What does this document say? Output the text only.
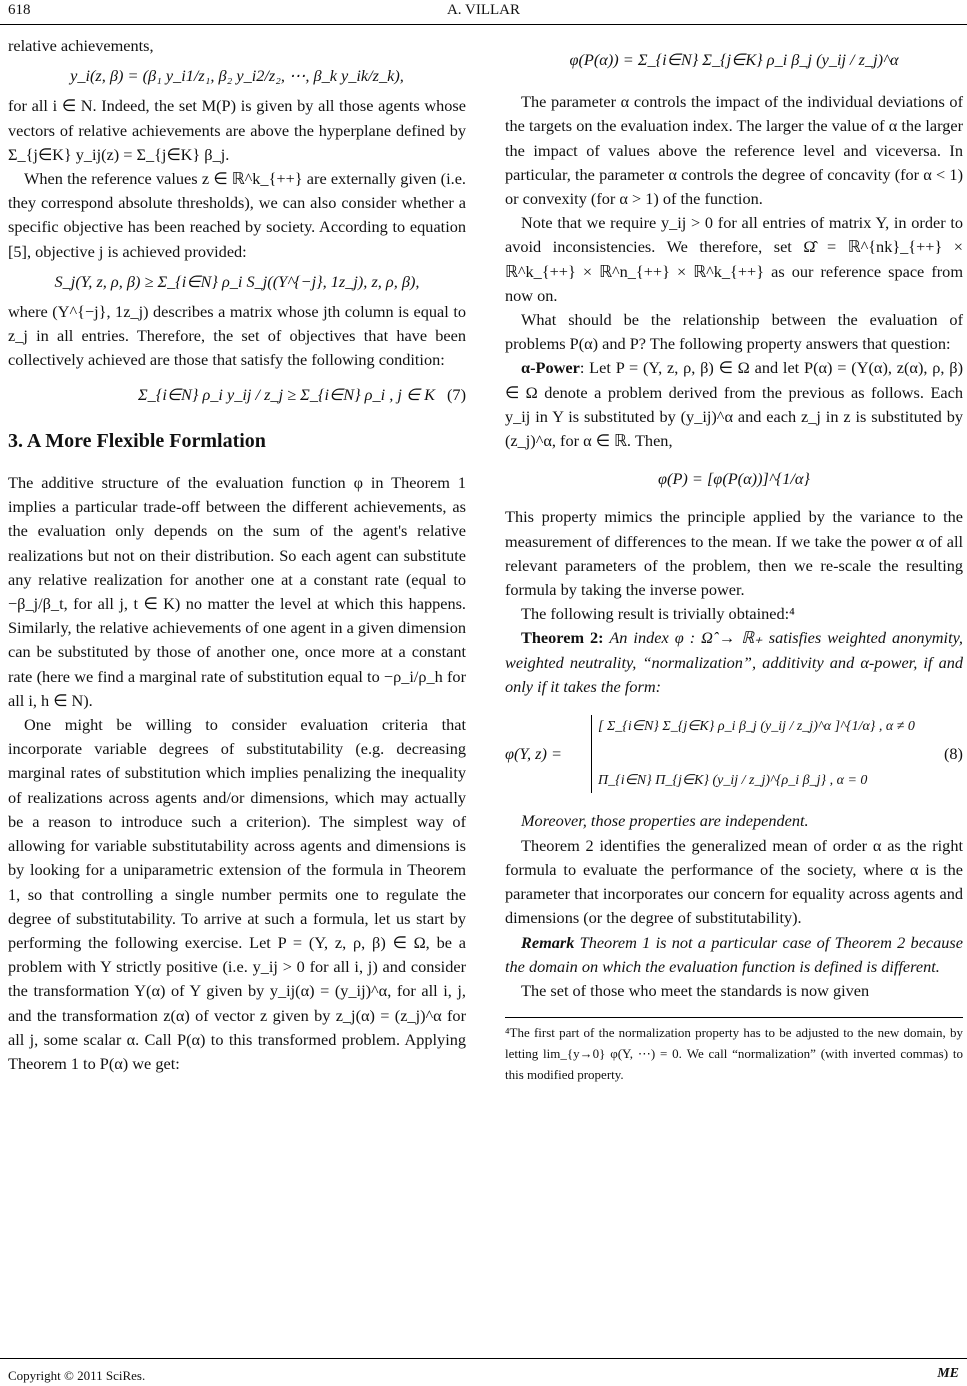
618	A. VILLAR

relative achievements,

y_i(z, β) = (β₁ y_i1/z₁, β₂ y_i2/z₂, ⋯, β_k y_ik/z_k),

for all i ∈ N. Indeed, the set M(P) is given by all those agents whose vectors of relative achievements are above the hyperplane defined by Σ_{j∈K} y_ij(z) = Σ_{j∈K} β_j.

When the reference values z ∈ ℝ^k_{++} are externally given (i.e. they correspond absolute thresholds), we can also consider whether a specific objective has been reached by society. According to equation [5], objective j is achieved provided:

S_j(Y, z, ρ, β) ≥ Σ_{i∈N} ρ_i S_j((Y^{−j}, 1z_j), z, ρ, β),

where (Y^{−j}, 1z_j) describes a matrix whose jth column is equal to z_j in all entries. Therefore, the set of objectives that have been collectively achieved are those that satisfy the following condition:

Σ_{i∈N} ρ_i y_ij / z_j ≥ Σ_{i∈N} ρ_i , j ∈ K (7)
3. A More Flexible Formlation

The additive structure of the evaluation function φ in Theorem 1 implies a particular trade-off between the different achievements, as the evaluation only depends on the sum of the agent's relative realizations but not on their distribution. So each agent can substitute any relative realization for another one at a constant rate (equal to −β_j/β_t, for all j, t ∈ K) no matter the level at which this happens. Similarly, the relative achievements of one agent in a given dimension can be substituted by those of another one, once more at a constant rate (here we find a marginal rate of substitution equal to −ρ_i/ρ_h for all i, h ∈ N).

One might be willing to consider evaluation criteria that incorporate variable degrees of substitutability (e.g. decreasing marginal rates of substitution which implies penalizing the inequality of realizations across agents and/or dimensions, which may actually be a reason to introduce such a criterion). The simplest way of allowing for variable substitutability across agents and dimensions is by looking for a uniparametric extension of the formula in Theorem 1, so that controlling a single number permits one to regulate the degree of substitutability. To arrive at such a formula, let us start by performing the following exercise. Let P = (Y, z, ρ, β) ∈ Ω, be a problem with Y strictly positive (i.e. y_ij > 0 for all i, j) and consider the transformation Y(α) of Y given by y_ij(α) = (y_ij)^α, for all i, j, and the transformation z(α) of vector z given by z_j(α) = (z_j)^α for all j, some scalar α. Call P(α) to this transformed problem. Applying Theorem 1 to P(α) we get:

φ(P(α)) = Σ_{i∈N} Σ_{j∈K} ρ_i β_j (y_ij / z_j)^α

The parameter α controls the impact of the individual deviations of the targets on the evaluation index. The larger the value of α the larger the impact of values above the reference level and viceversa. In particular, the parameter α controls the degree of concavity (for α < 1) or convexity (for α > 1) of the function.

Note that we require y_ij > 0 for all entries of matrix Y, in order to avoid inconsistencies. We therefore, set Ω̂ = ℝ^{nk}_{++} × ℝ^k_{++} × ℝ^n_{++} × ℝ^k_{++} as our reference space from now on.

What should be the relationship between the evaluation of problems P(α) and P? The following property answers that question:

α-Power: Let P = (Y, z, ρ, β) ∈ Ω and let P(α) = (Y(α), z(α), ρ, β) ∈ Ω denote a problem derived from the previous as follows. Each y_ij in Y is substituted by (y_ij)^α and each z_j in z is substituted by (z_j)^α, for α ∈ ℝ. Then,

φ(P) = [φ(P(α))]^{1/α}

This property mimics the principle applied by the variance to the measurement of differences to the mean. If we take the power α of all relevant parameters of the problem, then we re-scale the resulting formula by taking the inverse power.

The following result is trivially obtained:⁴

Theorem 2: An index φ : Ω̂ → ℝ₊ satisfies weighted anonymity, weighted neutrality, “normalization”, additivity and α-power, if and only if it takes the form:

φ(Y, z) =
[ Σ_{i∈N} Σ_{j∈K} ρ_i β_j (y_ij / z_j)^α ]^{1/α} , α ≠ 0
Π_{i∈N} Π_{j∈K} (y_ij / z_j)^{ρ_i β_j} , α = 0
(8)

Moreover, those properties are independent.

Theorem 2 identifies the generalized mean of order α as the right formula to evaluate the performance of the society, where α is the parameter that incorporates our concern for equality across agents and dimensions (or the degree of substitutability).

Remark Theorem 1 is not a particular case of Theorem 2 because the domain on which the evaluation function is defined is different.

The set of those who meet the standards is now given

⁴The first part of the normalization property has to be adjusted to the new domain, by letting lim_{y→0} φ(Y, ⋯) = 0. We call “normalization” (with inverted commas) to this modified property.
Copyright © 2011 SciRes.	ME
